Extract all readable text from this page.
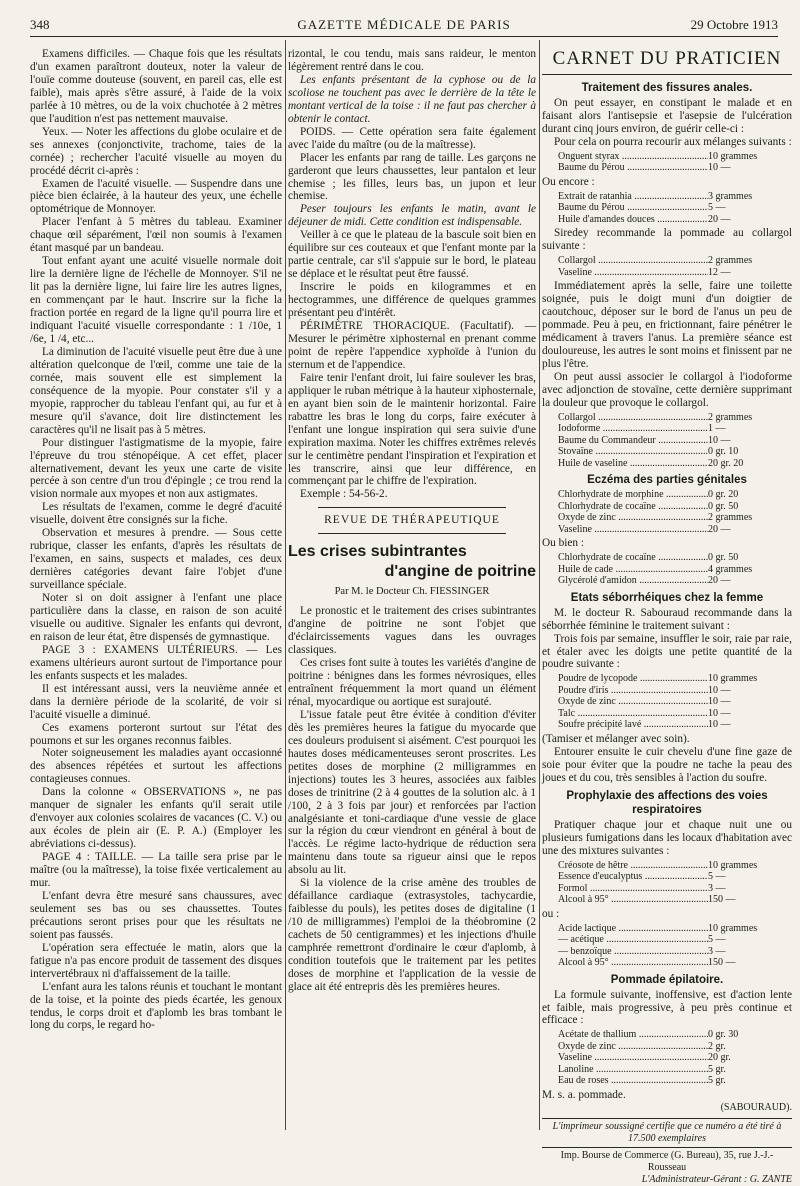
348	GAZETTE MÉDICALE DE PARIS	29 Octobre 1913

Examens difficiles. — Chaque fois que les résultats d'un examen paraîtront douteux, noter la valeur de l'ouïe comme douteuse (souvent, en pareil cas, elle est faible), mais après s'être assuré, à l'aide de la voix parlée à 10 mètres, ou de la voix chuchotée à 2 mètres que l'audition n'est pas nettement mauvaise.

Yeux. — Noter les affections du globe oculaire et de ses annexes (conjonctivite, trachome, taies de la cornée) ; rechercher l'acuité visuelle au moyen du procédé décrit ci-après :

Examen de l'acuité visuelle. — Suspendre dans une pièce bien éclairée, à la hauteur des yeux, une échelle optométrique de Monnoyer.

Placer l'enfant à 5 mètres du tableau. Examiner chaque œil séparément, l'œil non soumis à l'examen étant masqué par un bandeau.

Tout enfant ayant une acuité visuelle normale doit lire la dernière ligne de l'échelle de Monnoyer. S'il ne lit pas la dernière ligne, lui faire lire les autres lignes, en commençant par le haut. Inscrire sur la fiche la fraction portée en regard de la ligne qu'il pourra lire et indiquant l'acuité visuelle correspondante : 1 /10e, 1 /6e, 1 /4, etc...

La diminution de l'acuité visuelle peut être due à une altération quelconque de l'œil, comme une taie de la cornée, mais souvent elle est simplement la conséquence de la myopie. Pour constater s'il y a myopie, rapprocher du tableau l'enfant qui, au fur et à mesure qu'il s'avance, doit lire distinctement les caractères qu'il ne lisait pas à 5 mètres.

Pour distinguer l'astigmatisme de la myopie, faire l'épreuve du trou sténopéique. A cet effet, placer alternativement, devant les yeux une carte de visite percée à son centre d'un trou d'épingle ; ce trou rend la vision normale aux myopes et non aux astigmates.

Les résultats de l'examen, comme le degré d'acuité visuelle, doivent être consignés sur la fiche.

Observation et mesures à prendre. — Sous cette rubrique, classer les enfants, d'après les résultats de l'examen, en sains, suspects et malades, ces deux dernières catégories devant faire l'objet d'une surveillance spéciale.

Noter si on doit assigner à l'enfant une place particulière dans la classe, en raison de son acuité visuelle ou auditive. Signaler les enfants qui devront, en raison de leur état, être dispensés de gymnastique.

PAGE 3 : EXAMENS ULTÉRIEURS. — Les examens ultérieurs auront surtout de l'importance pour les enfants suspects et les malades.

Il est intéressant aussi, vers la neuvième année et dans la dernière période de la scolarité, de voir si l'acuité visuelle a diminué.

Ces examens porteront surtout sur l'état des poumons et sur les organes reconnus faibles.

Noter soigneusement les maladies ayant occasionné des absences répétées et surtout les affections contagieuses connues.

Dans la colonne « OBSERVATIONS », ne pas manquer de signaler les enfants qu'il serait utile d'envoyer aux colonies scolaires de vacances (C. V.) ou aux écoles de plein air (E. P. A.) (Employer les abréviations ci-dessus).

PAGE 4 : TAILLE. — La taille sera prise par le maître (ou la maîtresse), la toise fixée verticalement au mur.

L'enfant devra être mesuré sans chaussures, avec seulement ses bas ou ses chaussettes. Toutes précautions seront prises pour que les résultats ne soient pas faussés.

L'opération sera effectuée le matin, alors que la fatigue n'a pas encore produit de tassement des disques intervertébraux ni d'affaissement de la taille.

L'enfant aura les talons réunis et touchant le montant de la toise, et la pointe des pieds écartée, les genoux tendus, le corps droit et d'aplomb les bras tombant le long du corps, le regard ho-

rizontal, le cou tendu, mais sans raideur, le menton légèrement rentré dans le cou.

Les enfants présentant de la cyphose ou de la scoliose ne touchent pas avec le derrière de la tête le montant vertical de la toise : il ne faut pas chercher à obtenir le contact.

POIDS. — Cette opération sera faite également avec l'aide du maître (ou de la maîtresse).

Placer les enfants par rang de taille. Les garçons ne garderont que leurs chaussettes, leur pantalon et leur chemise ; les filles, leurs bas, un jupon et leur chemise.

Peser toujours les enfants le matin, avant le déjeuner de midi. Cette condition est indispensable.

Veiller à ce que le plateau de la bascule soit bien en équilibre sur ces couteaux et que l'enfant monte par la partie centrale, car s'il s'appuie sur le bord, le plateau se déplace et le résultat peut être faussé.

Inscrire le poids en kilogrammes et en hectogrammes, une différence de quelques grammes présentant peu d'intérêt.

PÉRIMÈTRE THORACIQUE. (Facultatif). — Mesurer le périmètre xiphosternal en prenant comme point de repère l'appendice xyphoïde à l'union du sternum et de l'appendice.

Faire tenir l'enfant droit, lui faire soulever les bras, appliquer le ruban métrique à la hauteur xiphosternale, en ayant bien soin de le maintenir horizontal. Faire rabattre les bras le long du corps, faire exécuter à l'enfant une longue inspiration qui sera suivie d'une expiration maxima. Noter les chiffres extrêmes relevés sur le centimètre pendant l'inspiration et l'expiration et les transcrire, ainsi que leur différence, en commençant par le chiffre de l'expiration.

Exemple : 54-56-2.

REVUE DE THÉRAPEUTIQUE
Les crises subintrantes
d'angine de poitrine
Par M. le Docteur Ch. FIESSINGER

Le pronostic et le traitement des crises subintrantes d'angine de poitrine ne sont l'objet que d'éclaircissements vagues dans les ouvrages classiques.

Ces crises font suite à toutes les variétés d'angine de poitrine : bénignes dans les formes névrosiques, elles entraînent fréquemment la mort quand un élément rénal, myocardique ou aortique est surajouté.

L'issue fatale peut être évitée à condition d'éviter dès les premières heures la fatigue du myocarde que ces douleurs produisent si aisément. C'est pourquoi les hautes doses médicamenteuses seront proscrites. Les petites doses de morphine (2 milligrammes en injections) toutes les 3 heures, associées aux faibles doses de trinitrine (2 à 4 gouttes de la solution alc. à 1 /100, 2 à 3 fois par jour) et renforcées par l'action analgésiante et toni-cardiaque d'une vessie de glace sur la région du cœur viendront en général à bout de l'accès. Le régime lacto-hydrique de réduction sera maintenu dans toute sa rigueur ainsi que le repos absolu au lit.

Si la violence de la crise amène des troubles de défaillance cardiaque (extrasystoles, tachycardie, faiblesse du pouls), les petites doses de digitaline (1 /10 de milligrammes) l'emploi de la théobromine (2 cachets de 50 centigrammes) et les injections d'huile camphrée remettront d'ordinaire le cœur d'aplomb, à condition toutefois que le traitement par les petites doses de morphine et l'application de la vessie de glace ait été entrepris dès les premières heures.

CARNET DU PRATICIEN
Traitement des fissures anales.

On peut essayer, en constipant le malade et en faisant alors l'antisepsie et l'asepsie de l'ulcération durant cinq jours environ, de guérir celle-ci :

Pour cela on pourra recourir aux mélanges suivants :

Onguent styrax .....	10 grammes
Baume du Pérou .....	10 —

Ou encore :

Extrait de ratanhia .....	3 grammes
Baume du Pérou .....	5 —
Huile d'amandes douces .....	20 —

Siredey recommande la pommade au collargol suivante :

Collargol .....	2 grammes
Vaseline .....	12 —

Immédiatement après la selle, faire une toilette soignée, puis le doigt muni d'un doigtier de caoutchouc, déposer sur le bord de l'anus un peu de pommade. Peu à peu, en frictionnant, faire pénétrer le médicament à travers l'anus. La première séance est douloureuse, les autres le sont moins et finissent par ne plus l'être.

On peut aussi associer le collargol à l'iodoforme avec adjonction de stovaïne, cette dernière supprimant la douleur que provoque le collargol.

Collargol .....	2 grammes
Iodoforme .....	1 —
Baume du Commandeur .....	10 —
Stovaïne .....	0 gr. 10
Huile de vaseline .....	20 gr. 20
Eczéma des parties génitales
Chlorhydrate de morphine .....	0 gr. 20
Chlorhydrate de cocaïne .....	0 gr. 50
Oxyde de zinc .....	2 grammes
Vaseline .....	20 —

Ou bien :

Chlorhydrate de cocaïne .....	0 gr. 50
Huile de cade .....	4 grammes
Glycérolé d'amidon .....	20 —
Etats séborrhéiques chez la femme

M. le docteur R. Sabouraud recommande dans la séborrhée féminine le traitement suivant :

Trois fois par semaine, insuffler le soir, raie par raie, et étaler avec les doigts une petite quantité de la poudre suivante :

Poudre de lycopode .....	10 grammes
Poudre d'iris .....	10 —
Oxyde de zinc .....	10 —
Talc .....	10 —
Soufre précipité lavé .....	10 —

(Tamiser et mélanger avec soin).

Entourer ensuite le cuir chevelu d'une fine gaze de soie pour éviter que la poudre ne tache la peau des joues et du cou, très sensibles à l'action du soufre.

Prophylaxie des affections des voies respiratoires

Pratiquer chaque jour et chaque nuit une ou plusieurs fumigations dans les locaux d'habitation avec une des mixtures suivantes :

Créosote de hêtre .....	10 grammes
Essence d'eucalyptus .....	5 —
Formol .....	3 —
Alcool à 95° .....	150 —

ou :

Acide lactique .....	10 grammes
— acétique .....	5 —
— benzoïque .....	3 —
Alcool à 95° .....	150 —
Pommade épilatoire.

La formule suivante, inoffensive, est d'action lente et faible, mais progressive, à peu près continue et efficace :

Acétate de thallium .....	0 gr. 30
Oxyde de zinc .....	2 gr.
Vaseline .....	20 gr.
Lanoline .....	5 gr.
Eau de roses .....	5 gr.

M. s. a. pommade.

(SABOURAUD).
L'imprimeur soussigné certifie que ce numéro a été tiré à 17.500 exemplaires
Imp. Bourse de Commerce (G. Bureau), 35, rue J.-J.-Rousseau
L'Administrateur-Gérant : G. ZANTE
